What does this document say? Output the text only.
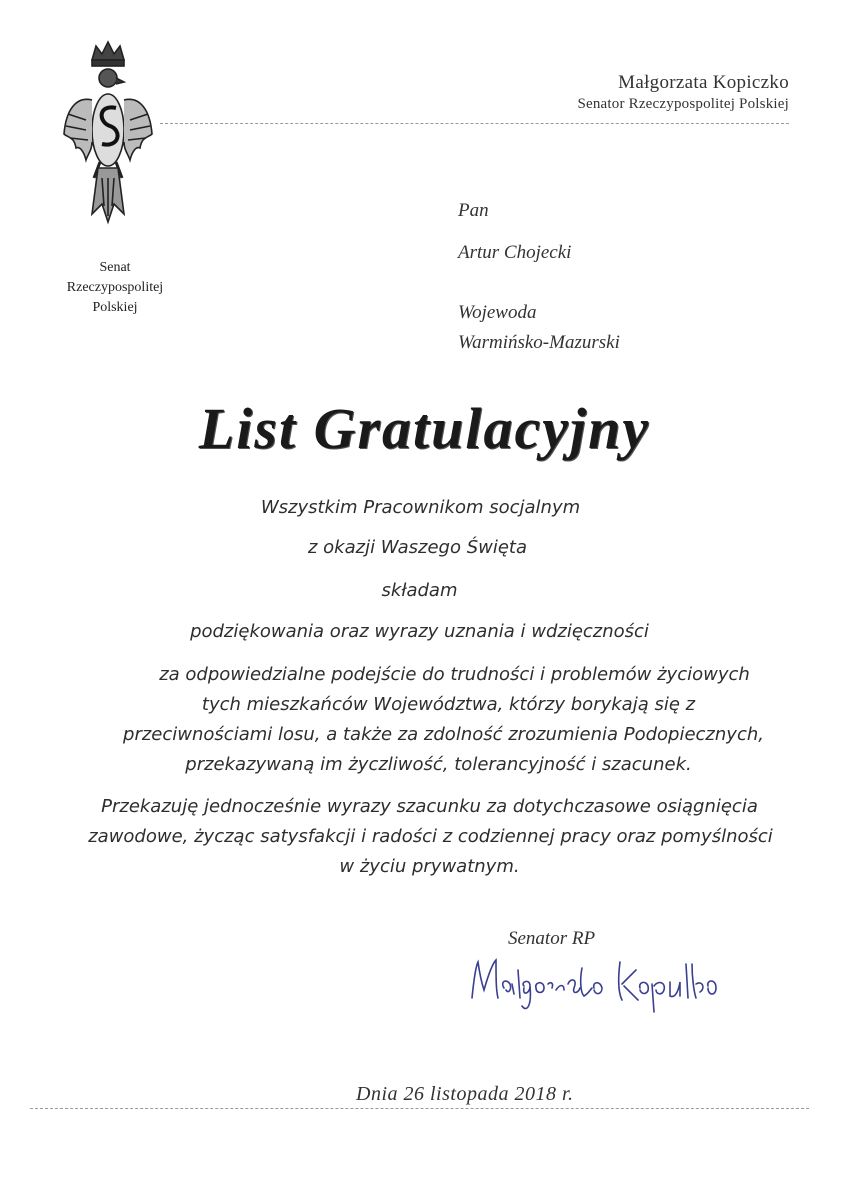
Senat
Rzeczypospolitej
Polskiej
Małgorzata Kopiczko
Senator Rzeczypospolitej Polskiej
Pan
Artur Chojecki
Wojewoda
Warmińsko-Mazurski
List Gratulacyjny
Wszystkim Pracownikom socjalnym
z okazji Waszego Święta
składam
podziękowania oraz wyrazy uznania i wdzięczności
za odpowiedzialne podejście do trudności i problemów życiowych
tych mieszkańców Województwa, którzy borykają się z
przeciwnościami losu, a także za zdolność zrozumienia Podopiecznych,
przekazywaną im życzliwość, tolerancyjność i szacunek.
Przekazuję jednocześnie wyrazy szacunku za dotychczasowe osiągnięcia
zawodowe, życząc satysfakcji i radości z codziennej pracy oraz pomyślności
w życiu prywatnym.
Senator RP
Dnia 26 listopada 2018 r.
